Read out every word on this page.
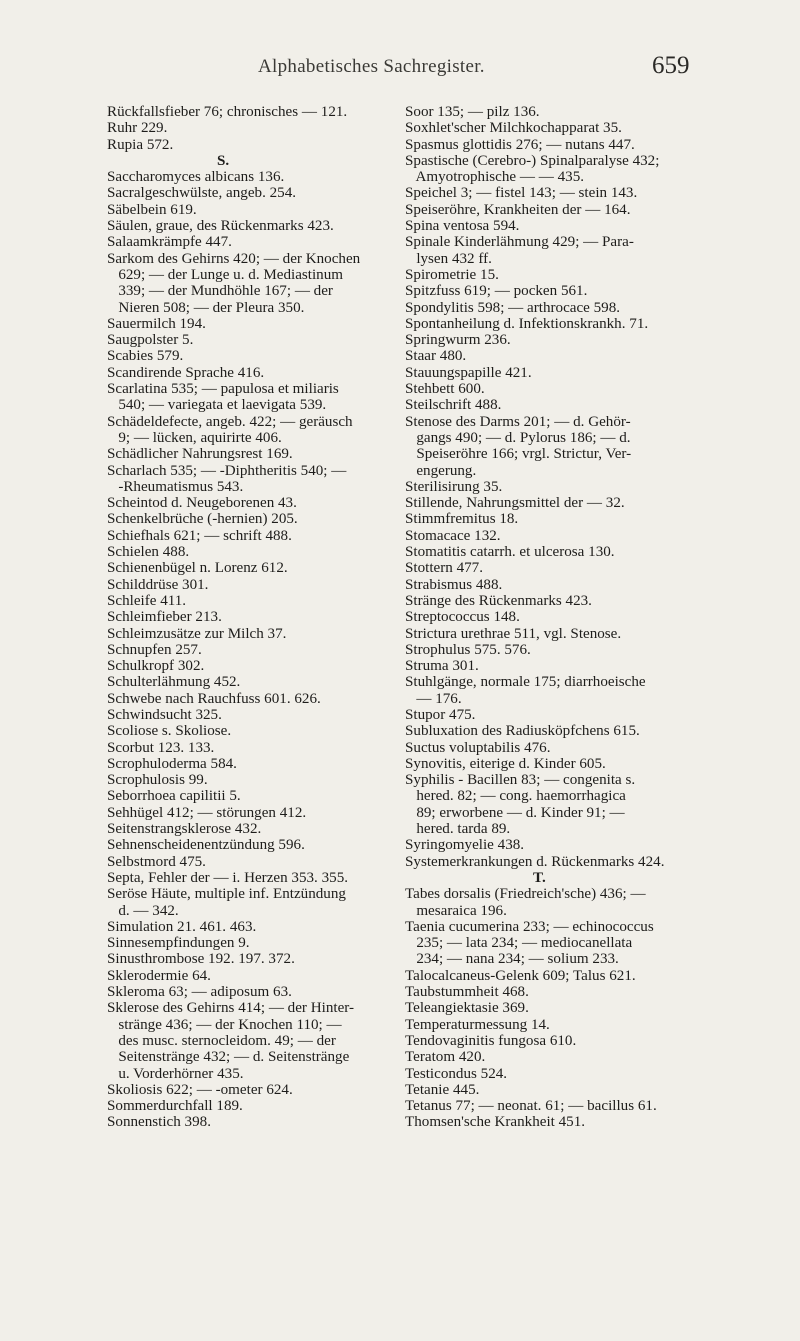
Alphabetisches Sachregister.	659
Rückfallsfieber 76; chronisches — 121.
Ruhr 229.
Rupia 572.
S.
Saccharomyces albicans 136.
Sacralgeschwülste, angeb. 254.
Säbelbein 619.
Säulen, graue, des Rückenmarks 423.
Salaamkrämpfe 447.
Sarkom des Gehirns 420; — der Knochen
629; — der Lunge u. d. Mediastinum
339; — der Mundhöhle 167; — der
Nieren 508; — der Pleura 350.
Sauermilch 194.
Saugpolster 5.
Scabies 579.
Scandirende Sprache 416.
Scarlatina 535; — papulosa et miliaris
540; — variegata et laevigata 539.
Schädeldefecte, angeb. 422; — geräusch
9; — lücken, aquirirte 406.
Schädlicher Nahrungsrest 169.
Scharlach 535; — -Diphtheritis 540; —
-Rheumatismus 543.
Scheintod d. Neugeborenen 43.
Schenkelbrüche (-hernien) 205.
Schiefhals 621; — schrift 488.
Schielen 488.
Schienenbügel n. Lorenz 612.
Schilddrüse 301.
Schleife 411.
Schleimfieber 213.
Schleimzusätze zur Milch 37.
Schnupfen 257.
Schulkropf 302.
Schulterlähmung 452.
Schwebe nach Rauchfuss 601. 626.
Schwindsucht 325.
Scoliose s. Skoliose.
Scorbut 123. 133.
Scrophuloderma 584.
Scrophulosis 99.
Seborrhoea capilitii 5.
Sehhügel 412; — störungen 412.
Seitenstrangsklerose 432.
Sehnenscheidenentzündung 596.
Selbstmord 475.
Septa, Fehler der — i. Herzen 353. 355.
Seröse Häute, multiple inf. Entzündung
d. — 342.
Simulation 21. 461. 463.
Sinnesempfindungen 9.
Sinusthrombose 192. 197. 372.
Sklerodermie 64.
Skleroma 63; — adiposum 63.
Sklerose des Gehirns 414; — der Hinter-
stränge 436; — der Knochen 110; —
des musc. sternocleidom. 49; — der
Seitenstränge 432; — d. Seitenstränge
u. Vorderhörner 435.
Skoliosis 622; — -ometer 624.
Sommerdurchfall 189.
Sonnenstich 398.
Soor 135; — pilz 136.
Soxhlet'scher Milchkochapparat 35.
Spasmus glottidis 276; — nutans 447.
Spastische (Cerebro-) Spinalparalyse 432;
Amyotrophische — — 435.
Speichel 3; — fistel 143; — stein 143.
Speiseröhre, Krankheiten der — 164.
Spina ventosa 594.
Spinale Kinderlähmung 429; — Para-
lysen 432 ff.
Spirometrie 15.
Spitzfuss 619; — pocken 561.
Spondylitis 598; — arthrocace 598.
Spontanheilung d. Infektionskrankh. 71.
Springwurm 236.
Staar 480.
Stauungspapille 421.
Stehbett 600.
Steilschrift 488.
Stenose des Darms 201; — d. Gehör-
gangs 490; — d. Pylorus 186; — d.
Speiseröhre 166; vrgl. Strictur, Ver-
engerung.
Sterilisirung 35.
Stillende, Nahrungsmittel der — 32.
Stimmfremitus 18.
Stomacace 132.
Stomatitis catarrh. et ulcerosa 130.
Stottern 477.
Strabismus 488.
Stränge des Rückenmarks 423.
Streptococcus 148.
Strictura urethrae 511, vgl. Stenose.
Strophulus 575. 576.
Struma 301.
Stuhlgänge, normale 175; diarrhoeische
— 176.
Stupor 475.
Subluxation des Radiusköpfchens 615.
Suctus voluptabilis 476.
Synovitis, eiterige d. Kinder 605.
Syphilis - Bacillen 83; — congenita s.
hered. 82; — cong. haemorrhagica
89; erworbene — d. Kinder 91; —
hered. tarda 89.
Syringomyelie 438.
Systemerkrankungen d. Rückenmarks 424.
T.
Tabes dorsalis (Friedreich'sche) 436; —
mesaraica 196.
Taenia cucumerina 233; — echinococcus
235; — lata 234; — mediocanellata
234; — nana 234; — solium 233.
Talocalcaneus-Gelenk 609; Talus 621.
Taubstummheit 468.
Teleangiektasie 369.
Temperaturmessung 14.
Tendovaginitis fungosa 610.
Teratom 420.
Testicondus 524.
Tetanie 445.
Tetanus 77; — neonat. 61; — bacillus 61.
Thomsen'sche Krankheit 451.
